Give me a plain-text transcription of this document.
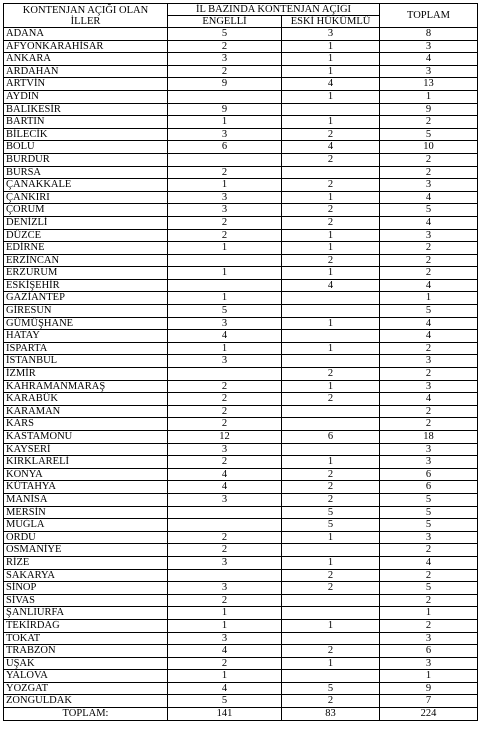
KONTENJAN AÇIĞI OLAN
İLLER	İL BAZINDA KONTENJAN AÇIĞI		TOPLAM
	ENGELLİ	ESKİ HÜKÜMLÜ	
ADANA	5	3	8
AFYONKARAHİSAR	2	1	3
ANKARA	3	1	4
ARDAHAN	2	1	3
ARTVİN	9	4	13
AYDIN		1	1
BALIKESİR	9		9
BARTIN	1	1	2
BİLECİK	3	2	5
BOLU	6	4	10
BURDUR		2	2
BURSA	2		2
ÇANAKKALE	1	2	3
ÇANKIRI	3	1	4
ÇORUM	3	2	5
DENİZLİ	2	2	4
DÜZCE	2	1	3
EDİRNE	1	1	2
ERZİNCAN		2	2
ERZURUM	1	1	2
ESKİŞEHİR		4	4
GAZİANTEP	1		1
GİRESUN	5		5
GÜMÜŞHANE	3	1	4
HATAY	4		4
ISPARTA	1	1	2
İSTANBUL	3		3
İZMİR		2	2
KAHRAMANMARAŞ	2	1	3
KARABÜK	2	2	4
KARAMAN	2		2
KARS	2		2
KASTAMONU	12	6	18
KAYSERİ	3		3
KIRKLARELİ	2	1	3
KONYA	4	2	6
KÜTAHYA	4	2	6
MANİSA	3	2	5
MERSİN		5	5
MUĞLA		5	5
ORDU	2	1	3
OSMANİYE	2		2
RİZE	3	1	4
SAKARYA		2	2
SİNOP	3	2	5
SİVAS	2		2
ŞANLIURFA	1		1
TEKİRDAĞ	1	1	2
TOKAT	3		3
TRABZON	4	2	6
UŞAK	2	1	3
YALOVA	1		1
YOZGAT	4	5	9
ZONGULDAK	5	2	7
TOPLAM:	141	83	224
